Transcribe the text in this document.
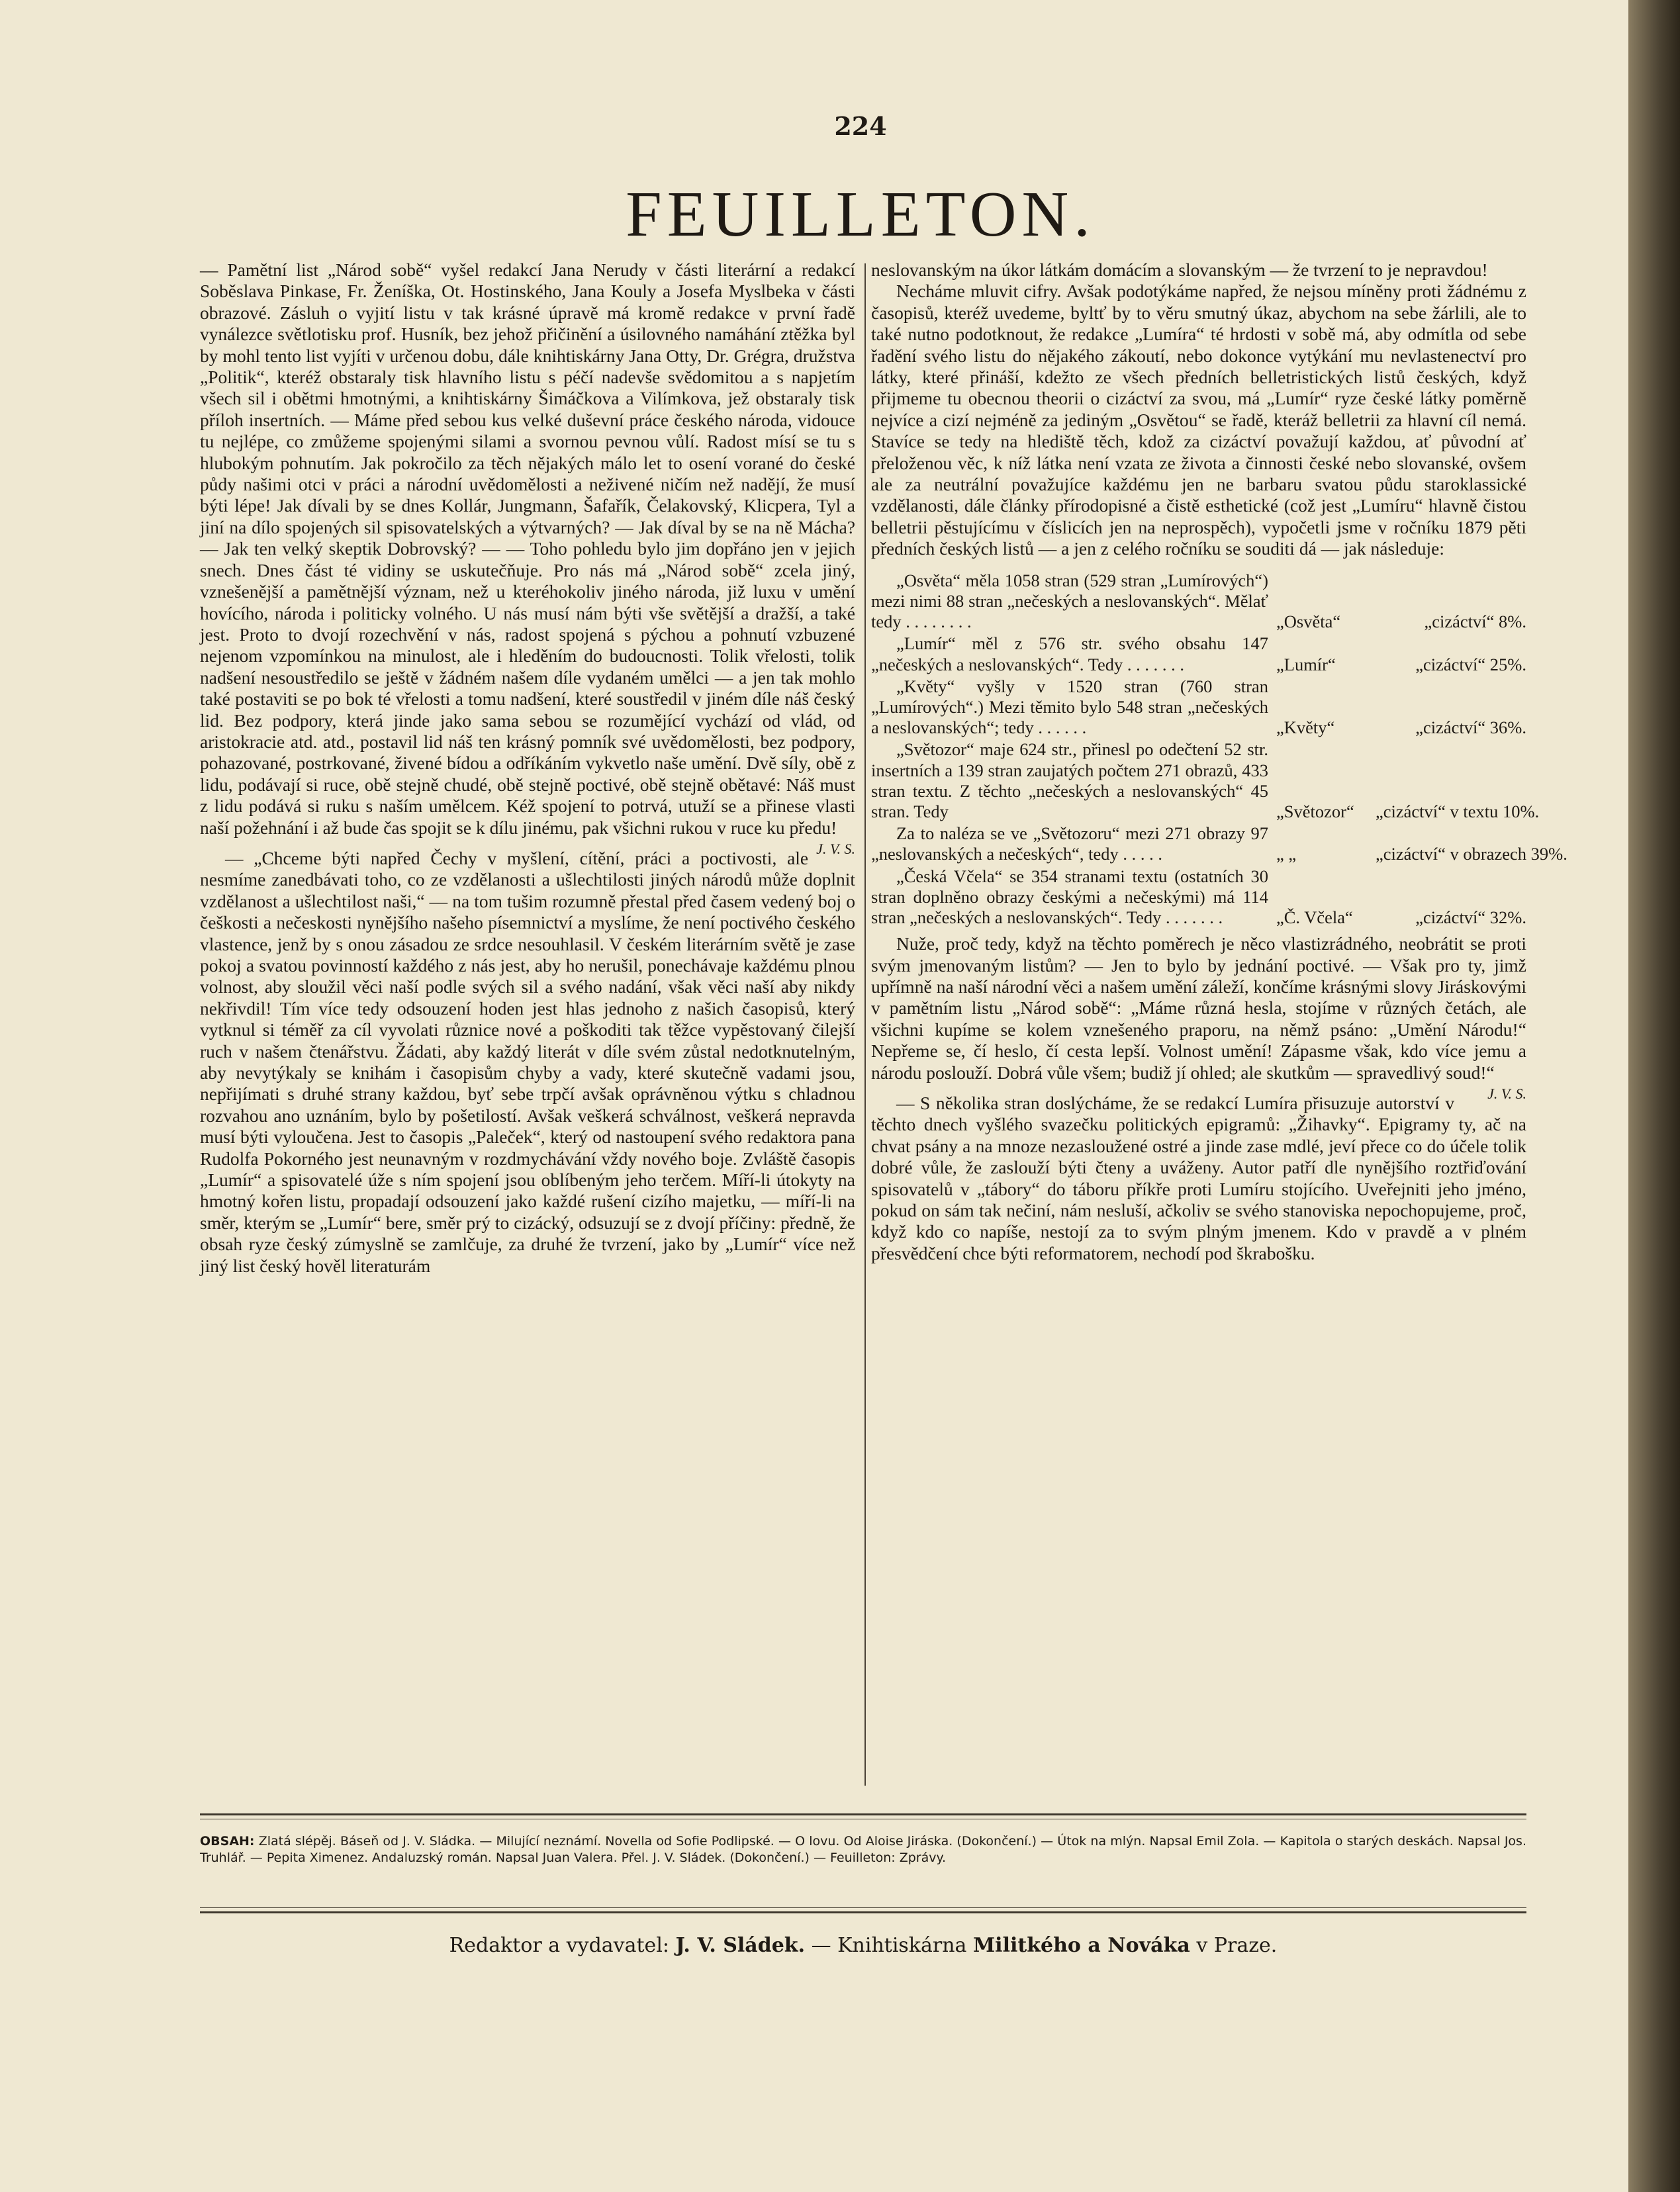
224
FEUILLETON.

— Pamětní list „Národ sobě“ vyšel redakcí Jana Nerudy v části literární a redakcí Soběslava Pinkase, Fr. Ženíška, Ot. Hostinského, Jana Kouly a Josefa Myslbeka v části obrazové. Zásluh o vyjití listu v tak krásné úpravě má kromě redakce v první řadě vynálezce světlotisku prof. Husník, bez jehož přičinění a úsilovného namáhání ztěžka byl by mohl tento list vyjíti v určenou dobu, dále knihtiskárny Jana Otty, Dr. Grégra, družstva „Politik“, kteréž obstaraly tisk hlavního listu s péčí nadevše svědomitou a s napjetím všech sil i obětmi hmotnými, a knihtiskárny Šimáčkova a Vilímkova, jež obstaraly tisk příloh insertních. — Máme před sebou kus velké duševní práce českého národa, vidouce tu nejlépe, co zmůžeme spojenými silami a svornou pevnou vůlí. Radost mísí se tu s hlubokým pohnutím. Jak pokročilo za těch nějakých málo let to osení vorané do české půdy našimi otci v práci a národní uvědomělosti a neživené ničím než nadějí, že musí býti lépe! Jak dívali by se dnes Kollár, Jungmann, Šafařík, Čelakovský, Klicpera, Tyl a jiní na dílo spojených sil spisovatelských a výtvarných? — Jak díval by se na ně Mácha? — Jak ten velký skeptik Dobrovský? — — Toho pohledu bylo jim dopřáno jen v jejich snech. Dnes část té vidiny se uskutečňuje. Pro nás má „Národ sobě“ zcela jiný, vznešenější a pamětnější význam, než u kteréhokoliv jiného národa, již luxu v umění hovícího, národa i politicky volného. U nás musí nám býti vše světější a dražší, a také jest. Proto to dvojí rozechvění v nás, radost spojená s pýchou a pohnutí vzbuzené nejenom vzpomínkou na minulost, ale i hleděním do budoucnosti. Tolik vřelosti, tolik nadšení nesoustředilo se ještě v žádném našem díle vydaném umělci — a jen tak mohlo také postaviti se po bok té vřelosti a tomu nadšení, které soustředil v jiném díle náš český lid. Bez podpory, která jinde jako sama sebou se rozumějící vychází od vlád, od aristokracie atd. atd., postavil lid náš ten krásný pomník své uvědomělosti, bez podpory, pohazované, postrkované, živené bídou a odříkáním vykvetlo naše umění. Dvě síly, obě z lidu, podávají si ruce, obě stejně chudé, obě stejně poctivé, obě stejně obětavé: Náš must z lidu podává si ruku s naším umělcem. Kéž spojení to potrvá, utuží se a přinese vlasti naší požehnání i až bude čas spojit se k dílu jinému, pak všichni rukou v ruce ku předu!
J. V. S.

— „Chceme býti napřed Čechy v myšlení, cítění, práci a poctivosti, ale nesmíme zanedbávati toho, co ze vzdělanosti a ušlechtilosti jiných národů může doplnit vzdělanost a ušlechtilost naši,“ — na tom tušim rozumně přestal před časem vedený boj o češkosti a nečeskosti nynějšího našeho písemnictví a myslíme, že není poctivého českého vlastence, jenž by s onou zásadou ze srdce nesouhlasil. V českém literárním světě je zase pokoj a svatou povinností každého z nás jest, aby ho nerušil, ponechávaje každému plnou volnost, aby sloužil věci naší podle svých sil a svého nadání, však věci naší aby nikdy nekřivdil! Tím více tedy odsouzení hoden jest hlas jednoho z našich časopisů, který vytknul si téměř za cíl vyvolati různice nové a poškoditi tak těžce vypěstovaný čilejší ruch v našem čtenářstvu. Žádati, aby každý literát v díle svém zůstal nedotknutelným, aby nevytýkaly se knihám i časopisům chyby a vady, které skutečně vadami jsou, nepřijímati s druhé strany každou, byť sebe trpčí avšak oprávněnou výtku s chladnou rozvahou ano uznáním, bylo by pošetilostí. Avšak veškerá schválnost, veškerá nepravda musí býti vyloučena. Jest to časopis „Paleček“, který od nastoupení svého redaktora pana Rudolfa Pokorného jest neunavným v rozdmychávání vždy nového boje. Zvláště časopis „Lumír“ a spisovatelé úže s ním spojení jsou oblíbeným jeho terčem. Míří-li útokyty na hmotný kořen listu, propadají odsouzení jako každé rušení cizího majetku, — míří-li na směr, kterým se „Lumír“ bere, směr prý to cizácký, odsuzují se z dvojí příčiny: předně, že obsah ryze český zúmyslně se zamlčuje, za druhé že tvrzení, jako by „Lumír“ více než jiný list český hověl literaturám

neslovanským na úkor látkám domácím a slovanským — že tvrzení to je nepravdou!

Necháme mluvit cifry. Avšak podotýkáme napřed, že nejsou míněny proti žádnému z časopisů, kteréž uvedeme, byltť by to věru smutný úkaz, abychom na sebe žárlili, ale to také nutno podotknout, že redakce „Lumíra“ té hrdosti v sobě má, aby odmítla od sebe řadění svého listu do nějakého zákoutí, nebo dokonce vytýkání mu nevlastenectví pro látky, které přináší, kdežto ze všech předních belletristických listů českých, když přijmeme tu obecnou theorii o cizáctví za svou, má „Lumír“ ryze české látky poměrně nejvíce a cizí nejméně za jediným „Osvětou“ se řadě, kteráž belletrii za hlavní cíl nemá. Stavíce se tedy na hlediště těch, kdož za cizáctví považují každou, ať původní ať přeloženou věc, k níž látka není vzata ze života a činnosti české nebo slovanské, ovšem ale za neutrální považujíce každému jen ne barbaru svatou půdu staroklassické vzdělanosti, dále články přírodopisné a čistě esthetické (což jest „Lumíru“ hlavně čistou belletrii pěstujícímu v číslicích jen na neprospěch), vypočetli jsme v ročníku 1879 pěti předních českých listů — a jen z celého ročníku se souditi dá — jak následuje:

„Osvěta“ měla 1058 stran (529 stran „Lumírových“) mezi nimi 88 stran „nečeských a neslovanských“. Mělať tedy . . . . . . . .	„Osvěta“	„cizáctví“ 8%.

„Lumír“ měl z 576 str. svého obsahu 147 „nečeských a neslovanských“. Tedy . . . . . . .	„Lumír“	„cizáctví“ 25%.

„Květy“ vyšly v 1520 stran (760 stran „Lumírových“.) Mezi těmito bylo 548 stran „nečeských a neslovanských“; tedy . . . . . .	„Květy“	„cizáctví“ 36%.

„Světozor“ maje 624 str., přinesl po odečtení 52 str. insertních a 139 stran zaujatých počtem 271 obrazů, 433 stran textu. Z těchto „nečeských a neslovanských“ 45 stran. Tedy	„Světozor“	„cizáctví“ v textu 10%.

Za to naléza se ve „Světozoru“ mezi 271 obrazy 97 „neslovanských a nečeských“, tedy . . . . .	„ „	„cizáctví“ v obrazech 39%.

„Česká Včela“ se 354 stranami textu (ostatních 30 stran doplněno obrazy českými a nečeskými) má 114 stran „nečeských a neslovanských“. Tedy . . . . . . .	„Č. Včela“	„cizáctví“ 32%.

Nuže, proč tedy, když na těchto poměrech je něco vlastizrádného, neobrátit se proti svým jmenovaným listům? — Jen to bylo by jednání poctivé. — Však pro ty, jimž upřímně na naší národní věci a našem umění záleží, končíme krásnými slovy Jiráskovými v pamětním listu „Národ sobě“: „Máme různá hesla, stojíme v různých četách, ale všichni kupíme se kolem vznešeného praporu, na němž psáno: „Umění Národu!“ Nepřeme se, čí heslo, čí cesta lepší. Volnost umění! Zápasme však, kdo více jemu a národu poslouží. Dobrá vůle všem; budiž jí ohled; ale skutkům — spravedlivý soud!“
J. V. S.

— S několika stran doslýcháme, že se redakcí Lumíra přisuzuje autorství v těchto dnech vyšlého svazečku politických epigramů: „Žihavky“. Epigramy ty, ač na chvat psány a na mnoze nezasloužené ostré a jinde zase mdlé, jeví přece co do účele tolik dobré vůle, že zaslouží býti čteny a uváženy. Autor patří dle nynějšího roztřiďování spisovatelů v „tábory“ do táboru příkře proti Lumíru stojícího. Uveřejniti jeho jméno, pokud on sám tak nečiní, nám nesluší, ačkoliv se svého stanoviska nepochopujeme, proč, když kdo co napíše, nestojí za to svým plným jmenem. Kdo v pravdě a v plném přesvědčení chce býti reformatorem, nechodí pod škrabošku.

OBSAH: Zlatá slépěj. Báseň od J. V. Sládka. — Milující neznámí. Novella od Sofie Podlipské. — O lovu. Od Aloise Jiráska. (Dokončení.) — Útok na mlýn. Napsal Emil Zola. — Kapitola o starých deskách. Napsal Jos. Truhlář. — Pepita Ximenez. Andaluzský román. Napsal Juan Valera. Přel. J. V. Sládek. (Dokončení.) — Feuilleton: Zprávy.
Redaktor a vydavatel: J. V. Sládek. — Knihtiskárna Militkého a Nováka v Praze.
